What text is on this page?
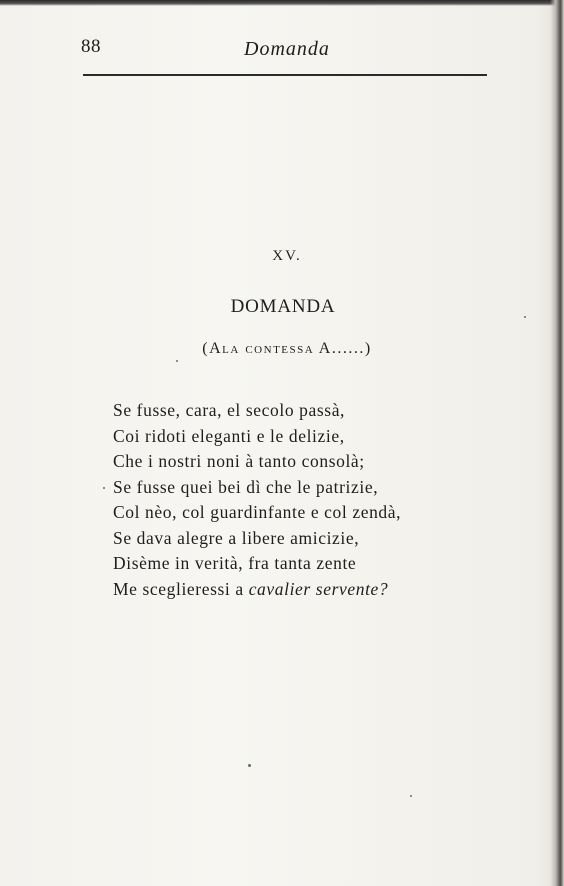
88	Domanda
XV.
DOMANDA
(Ala contessa A......)
Se fusse, cara, el secolo passà,
Coi ridoti eleganti e le delizie,
Che i nostri noni à tanto consolà;
Se fusse quei bei dì che le patrizie,
Col nèo, col guardinfante e col zendà,
Se dava alegre a libere amicizie,
Disème in verità, fra tanta zente
Me sceglieressi a cavalier servente?
